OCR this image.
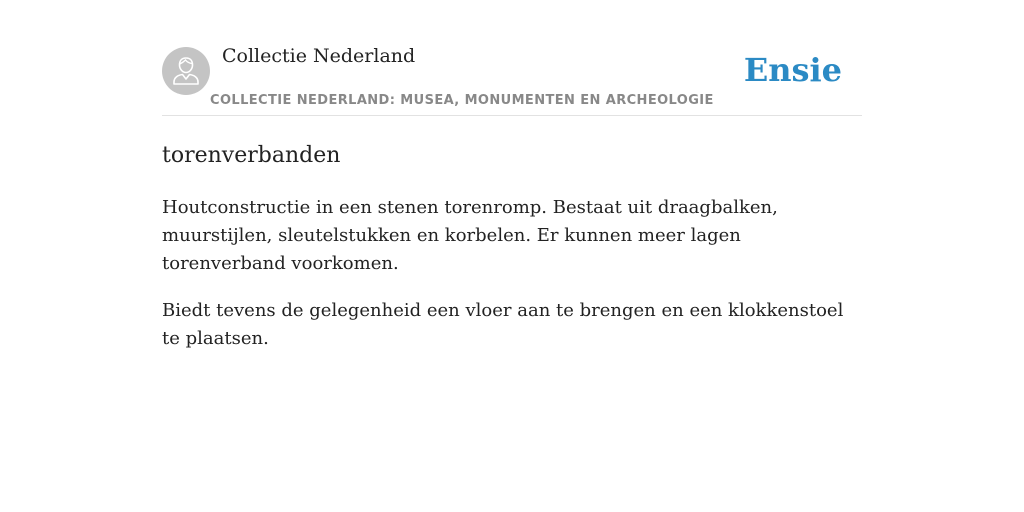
Collectie Nederland
COLLECTIE NEDERLAND: MUSEA, MONUMENTEN EN ARCHEOLOGIE
Ensie
torenverbanden

Houtconstructie in een stenen torenromp. Bestaat uit draagbalken, muurstijlen, sleutelstukken en korbelen. Er kunnen meer lagen torenverband voorkomen.

Biedt tevens de gelegenheid een vloer aan te brengen en een klokkenstoel te plaatsen.
